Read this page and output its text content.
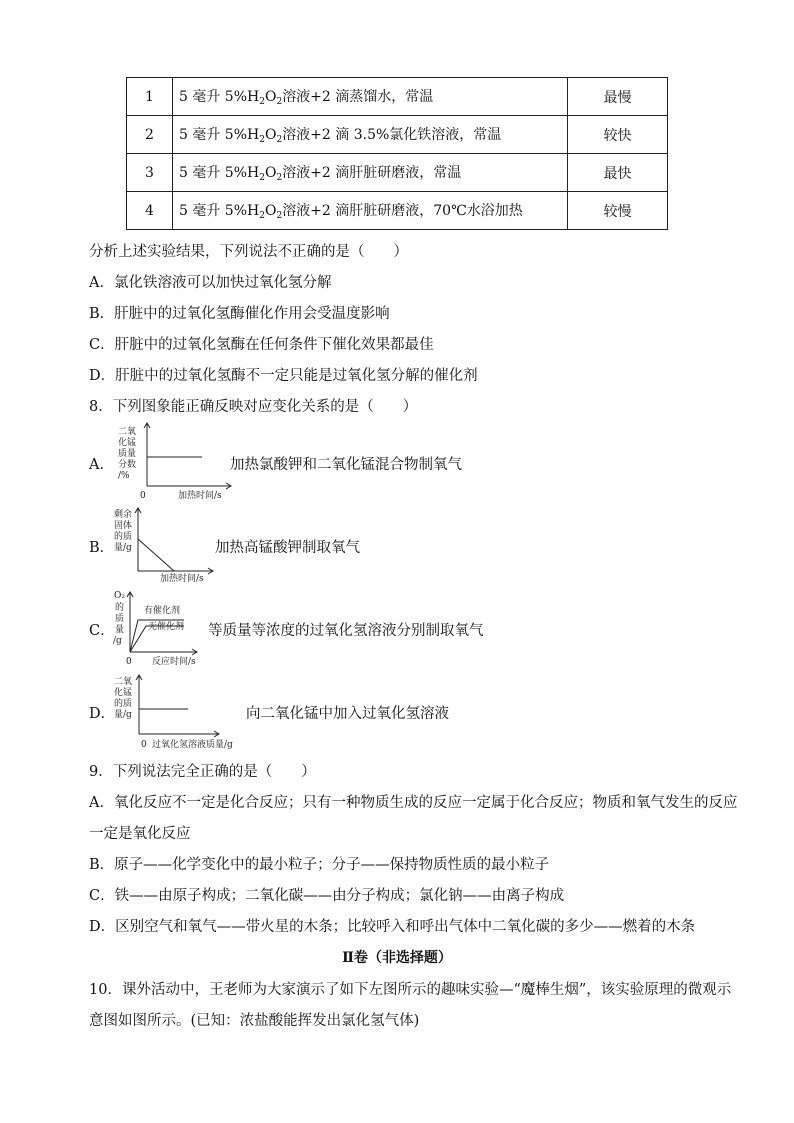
1	5 毫升 $5\%H_2O_2$溶液+2 滴蒸馏水，常温	最慢
2	5 毫升 $5\%H_2O_2$溶液+2 滴 3.5%氯化铁溶液，常温	较快
3	5 毫升 $5\%H_2O_2$溶液+2 滴肝脏研磨液，常温	最快
4	5 毫升 $5\%H_2O_2$溶液+2 滴肝脏研磨液，70℃水浴加热	较慢
分析上述实验结果，下列说法不正确的是（　　）
A．氯化铁溶液可以加快过氧化氢分解
B．肝脏中的过氧化氢酶催化作用会受温度影响
C．肝脏中的过氧化氢酶在任何条件下催化效果都最佳
D．肝脏中的过氧化氢酶不一定只能是过氧化氢分解的催化剂
8．下列图象能正确反映对应变化关系的是（　　）
A．
二氧
化锰
质量
分数
/%
0	加热时间/s
加热氯酸钾和二氧化锰混合物制氧气
B．
剩余
固体
的质
量/g
加热时间/s
加热高锰酸钾制取氧气
C．
O₂
的
质
量
/g
有催化剂
无催化剂
0 反应时间/s
等质量等浓度的过氧化氢溶液分别制取氧气
D．
二氧
化锰
的质
量/g
0 过氧化氢溶液质量/g
向二氧化锰中加入过氧化氢溶液
9．下列说法完全正确的是（　　）
A．氧化反应不一定是化合反应；只有一种物质生成的反应一定属于化合反应；物质和氧气发生的反应
一定是氧化反应
B．原子——化学变化中的最小粒子；分子——保持物质性质的最小粒子
C．铁——由原子构成；二氧化碳——由分子构成；氯化钠——由离子构成
D．区别空气和氧气——带火星的木条；比较呼入和呼出气体中二氧化碳的多少——燃着的木条
Ⅱ卷（非选择题）
10．课外活动中，王老师为大家演示了如下左图所示的趣味实验—“魔棒生烟”，该实验原理的微观示
意图如图所示。(已知：浓盐酸能挥发出氯化氢气体)
